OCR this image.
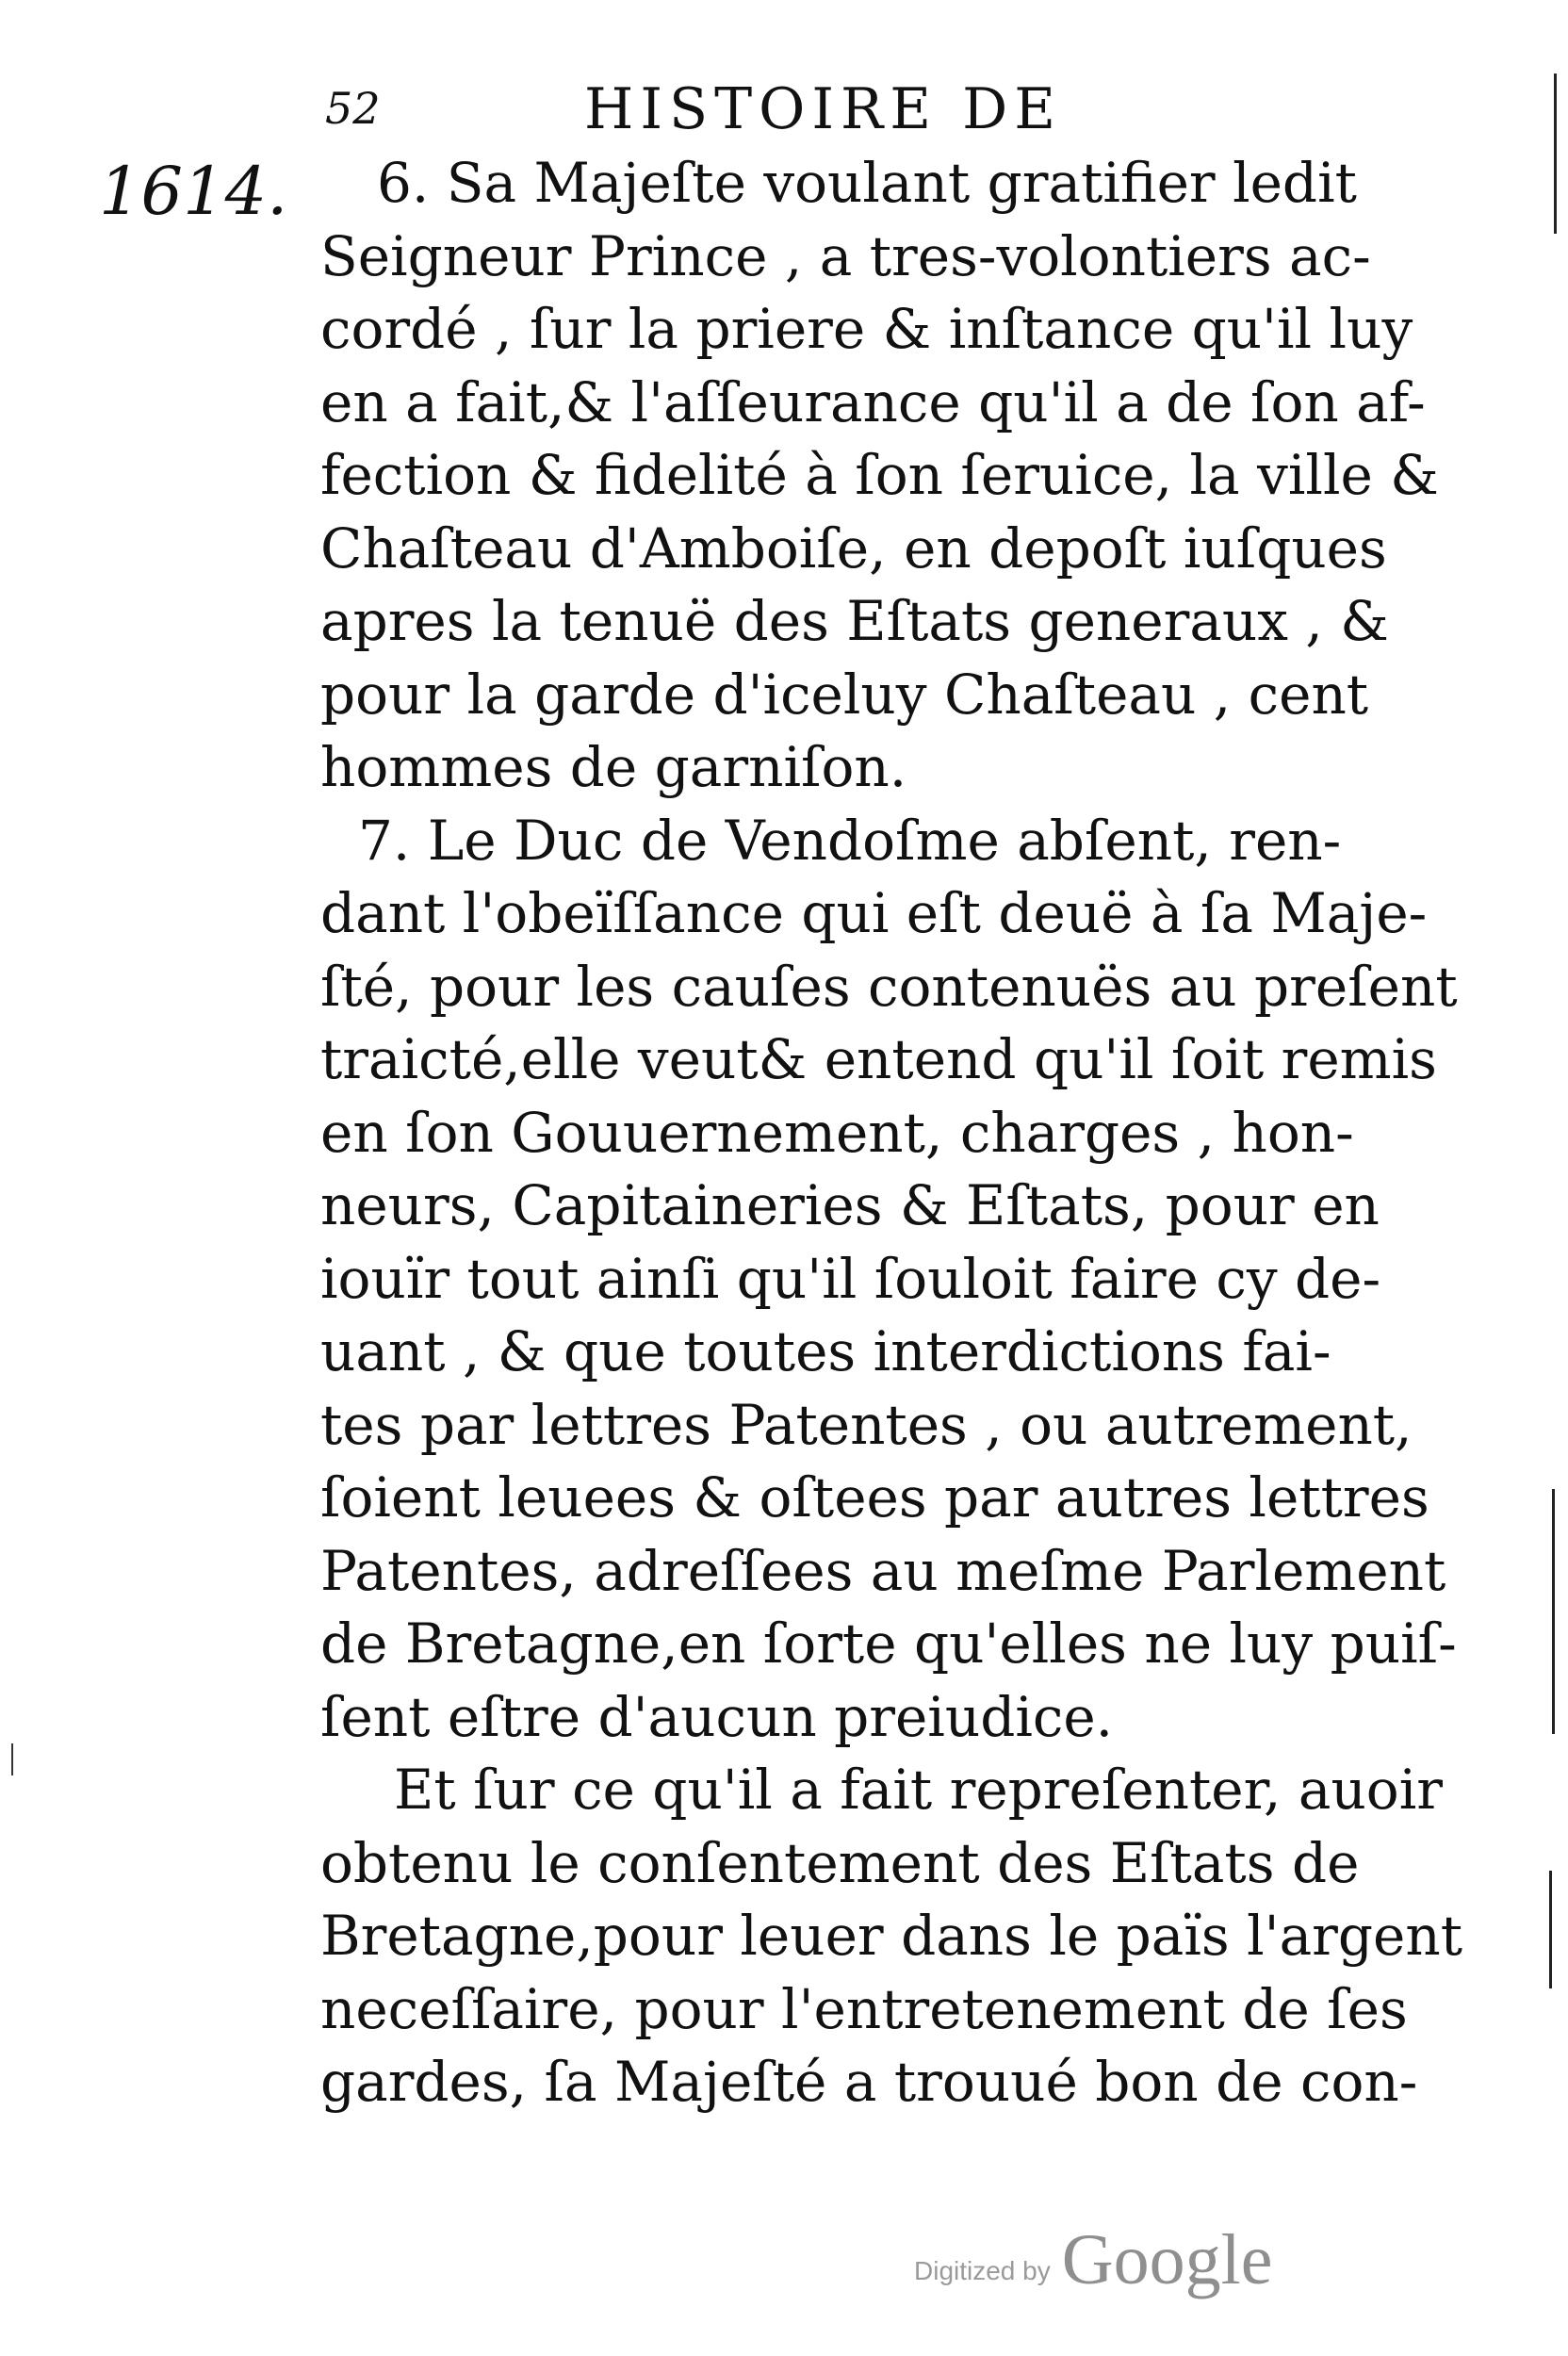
52	HISTOIRE DE
1614.	6. Sa Majeſte voulant gratifier ledit
Seigneur Prince , a tres-volontiers ac-
cordé , ſur la priere & inſtance qu'il luy
en a fait,& l'aſſeurance qu'il a de ſon af-
fection & fidelité à ſon ſeruice, la ville &
Chaſteau d'Amboiſe, en depoſt iuſques
apres la tenuë des Eſtats generaux , &
pour la garde d'iceluy Chaſteau , cent
hommes de garniſon.
7. Le Duc de Vendoſme abſent, ren-
dant l'obeïſſance qui eſt deuë à ſa Maje-
ſté, pour les cauſes contenuës au preſent
traicté,elle veut& entend qu'il ſoit remis
en ſon Gouuernement, charges , hon-
neurs, Capitaineries & Eſtats, pour en
iouïr tout ainſi qu'il ſouloit faire cy de-
uant , & que toutes interdictions fai-
tes par lettres Patentes , ou autrement,
ſoient leuees & oſtees par autres lettres
Patentes, adreſſees au meſme Parlement
de Bretagne,en ſorte qu'elles ne luy puiſ-
ſent eſtre d'aucun preiudice.
Et ſur ce qu'il a fait repreſenter, auoir
obtenu le conſentement des Eſtats de
Bretagne,pour leuer dans le païs l'argent
neceſſaire, pour l'entretenement de ſes
gardes, ſa Majeſté a trouué bon de con-
Digitized by Google
